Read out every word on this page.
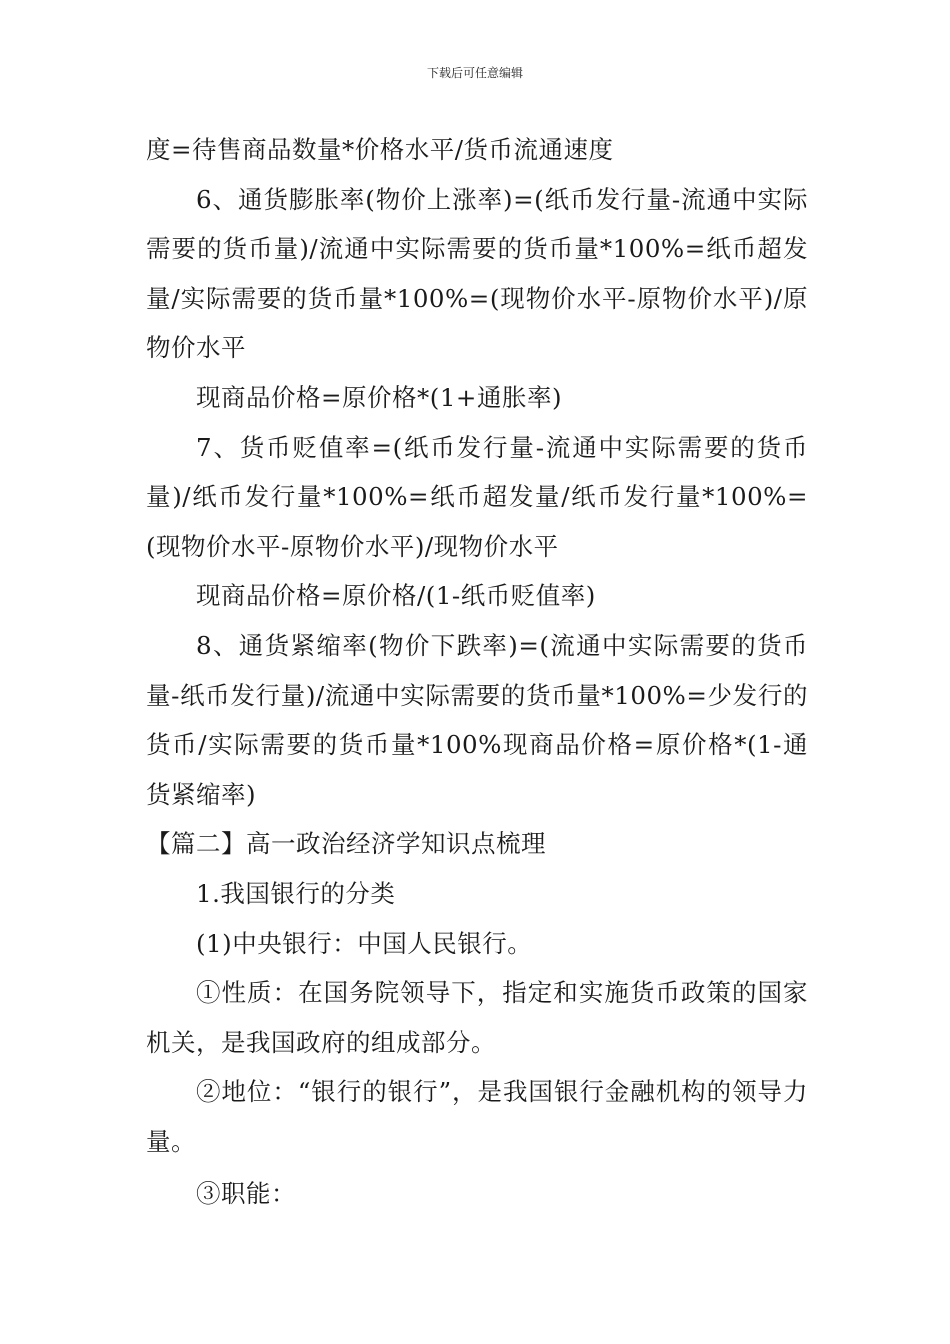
下载后可任意编辑

度=待售商品数量*价格水平/货币流通速度

6、通货膨胀率(物价上涨率)=(纸币发行量-流通中实际需要的货币量)/流通中实际需要的货币量*100%=纸币超发量/实际需要的货币量*100%=(现物价水平-原物价水平)/原物价水平

现商品价格=原价格*(1+通胀率)

7、货币贬值率=(纸币发行量-流通中实际需要的货币量)/纸币发行量*100%=纸币超发量/纸币发行量*100%=(现物价水平-原物价水平)/现物价水平

现商品价格=原价格/(1-纸币贬值率)

8、通货紧缩率(物价下跌率)=(流通中实际需要的货币量-纸币发行量)/流通中实际需要的货币量*100%=少发行的货币/实际需要的货币量*100%现商品价格=原价格*(1-通货紧缩率)

【篇二】高一政治经济学知识点梳理

1.我国银行的分类

(1)中央银行：中国人民银行。

①性质：在国务院领导下，指定和实施货币政策的国家机关，是我国政府的组成部分。

②地位：“银行的银行”，是我国银行金融机构的领导力量。

③职能：
